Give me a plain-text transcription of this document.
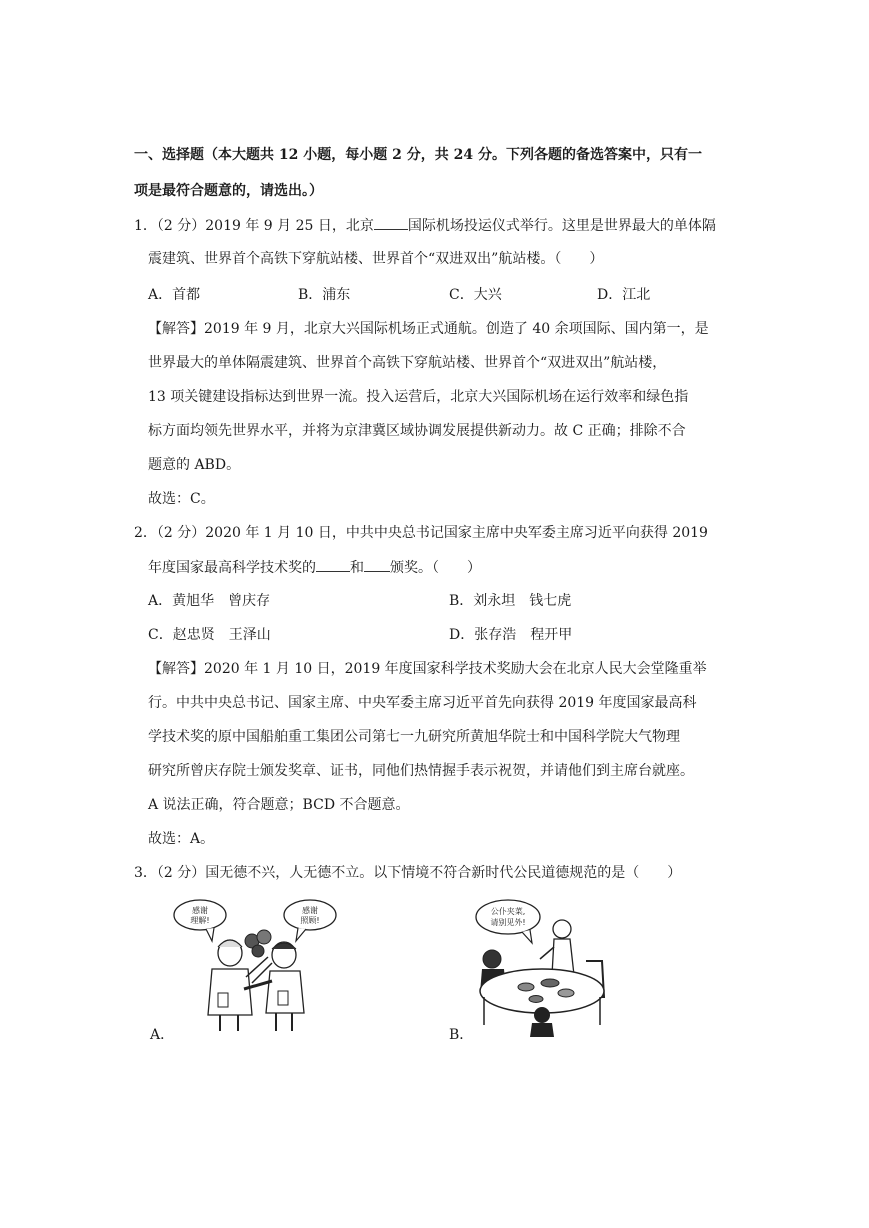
一、选择题（本大题共 12 小题，每小题 2 分，共 24 分。下列各题的备选答案中，只有一
项是最符合题意的，请选出。）
1．（2 分）2019 年 9 月 25 日，北京 国际机场投运仪式举行。这里是世界最大的单体隔
震建筑、世界首个高铁下穿航站楼、世界首个“双进双出”航站楼。（　　）
A．首都	B．浦东	C．大兴	D．江北
【解答】2019 年 9 月，北京大兴国际机场正式通航。创造了 40 余项国际、国内第一，是
世界最大的单体隔震建筑、世界首个高铁下穿航站楼、世界首个“双进双出”航站楼，
13 项关键建设指标达到世界一流。投入运营后，北京大兴国际机场在运行效率和绿色指
标方面均领先世界水平，并将为京津冀区域协调发展提供新动力。故 C 正确；排除不合
题意的 ABD。
故选：C。
2．（2 分）2020 年 1 月 10 日，中共中央总书记国家主席中央军委主席习近平向获得 2019
年度国家最高科学技术奖的 和 颁奖。（　　）
A．黄旭华　曾庆存	B．刘永坦　钱七虎
C．赵忠贤　王泽山	D．张存浩　程开甲
【解答】2020 年 1 月 10 日，2019 年度国家科学技术奖励大会在北京人民大会堂隆重举
行。中共中央总书记、国家主席、中央军委主席习近平首先向获得 2019 年度国家最高科
学技术奖的原中国船舶重工集团公司第七一九研究所黄旭华院士和中国科学院大气物理
研究所曾庆存院士颁发奖章、证书，同他们热情握手表示祝贺，并请他们到主席台就座。
A 说法正确，符合题意；BCD 不合题意。
故选：A。
3．（2 分）国无德不兴，人无德不立。以下情境不符合新时代公民道德规范的是（　　）
感谢
理解!
感谢
照顾!
A．
公仆夹菜,
请别见外!
B．
